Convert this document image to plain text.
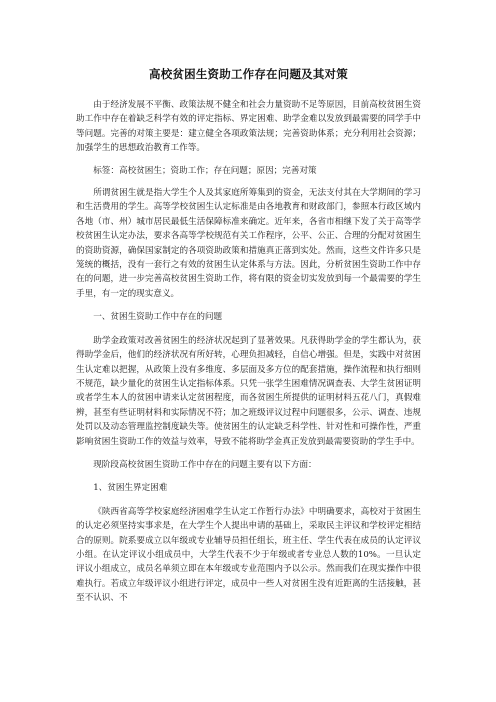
高校贫困生资助工作存在问题及其对策

由于经济发展不平衡、政策法规不健全和社会力量资助不足等原因，目前高校贫困生资助工作中存在着缺乏科学有效的评定指标、界定困难、助学金难以发放到最需要的同学手中等问题。完善的对策主要是：建立健全各项政策法规；完善资助体系；充分利用社会资源；加强学生的思想政治教育工作等。

标签：高校贫困生；资助工作；存在问题；原因；完善对策

所谓贫困生就是指大学生个人及其家庭所筹集到的资金，无法支付其在大学期间的学习和生活费用的学生。高等学校贫困生认定标准是由各地教育和财政部门，参照本行政区域内各地（市、州）城市居民最低生活保障标准来确定。近年来，各省市相继下发了关于高等学校贫困生认定办法，要求各高等学校规范有关工作程序，公平、公正、合理的分配对贫困生的资助资源，确保国家制定的各项资助政策和措施真正落到实处。然而，这些文件许多只是笼统的概括，没有一套行之有效的贫困生认定体系与方法。因此，分析贫困生资助工作中存在的问题，进一步完善高校贫困生资助工作，将有限的资金切实发放到每一个最需要的学生手里，有一定的现实意义。

一、贫困生资助工作中存在的问题

助学金政策对改善贫困生的经济状况起到了显著效果。凡获得助学金的学生都认为，获得助学金后，他们的经济状况有所好转，心理负担减轻，自信心增强。但是，实践中对贫困生认定难以把握，从政策上没有多维度、多层面及多方位的配套措施，操作流程和执行细则不规范，缺少量化的贫困生认定指标体系。只凭一张学生困难情况调查表、大学生贫困证明或者学生本人的贫困申请来认定贫困程度，而各贫困生所提供的证明材料五花八门，真假难辨，甚至有些证明材料和实际情况不符；加之班级评议过程中问题很多，公示、调查、违规处罚以及动态管理监控制度缺失等。使贫困生的认定缺乏科学性、针对性和可操作性，严重影响贫困生资助工作的效益与效率，导致不能将助学金真正发放到最需要资助的学生手中。

现阶段高校贫困生资助工作中存在的问题主要有以下方面：

1、贫困生界定困难

《陕西省高等学校家庭经济困难学生认定工作暂行办法》中明确要求，高校对于贫困生的认定必须坚持实事求是，在大学生个人提出申请的基础上，采取民主评议和学校评定相结合的原则。院系要成立以年级或专业辅导员担任组长，班主任、学生代表在成员的认定评议小组。在认定评议小组成员中，大学生代表不少于年级或者专业总人数的10%。一旦认定评议小组成立，成员名单须立即在本年级或专业范围内予以公示。然而我们在现实操作中很难执行。若成立年级评议小组进行评定，成员中一些人对贫困生没有近距离的生活接触，甚至不认识、不
